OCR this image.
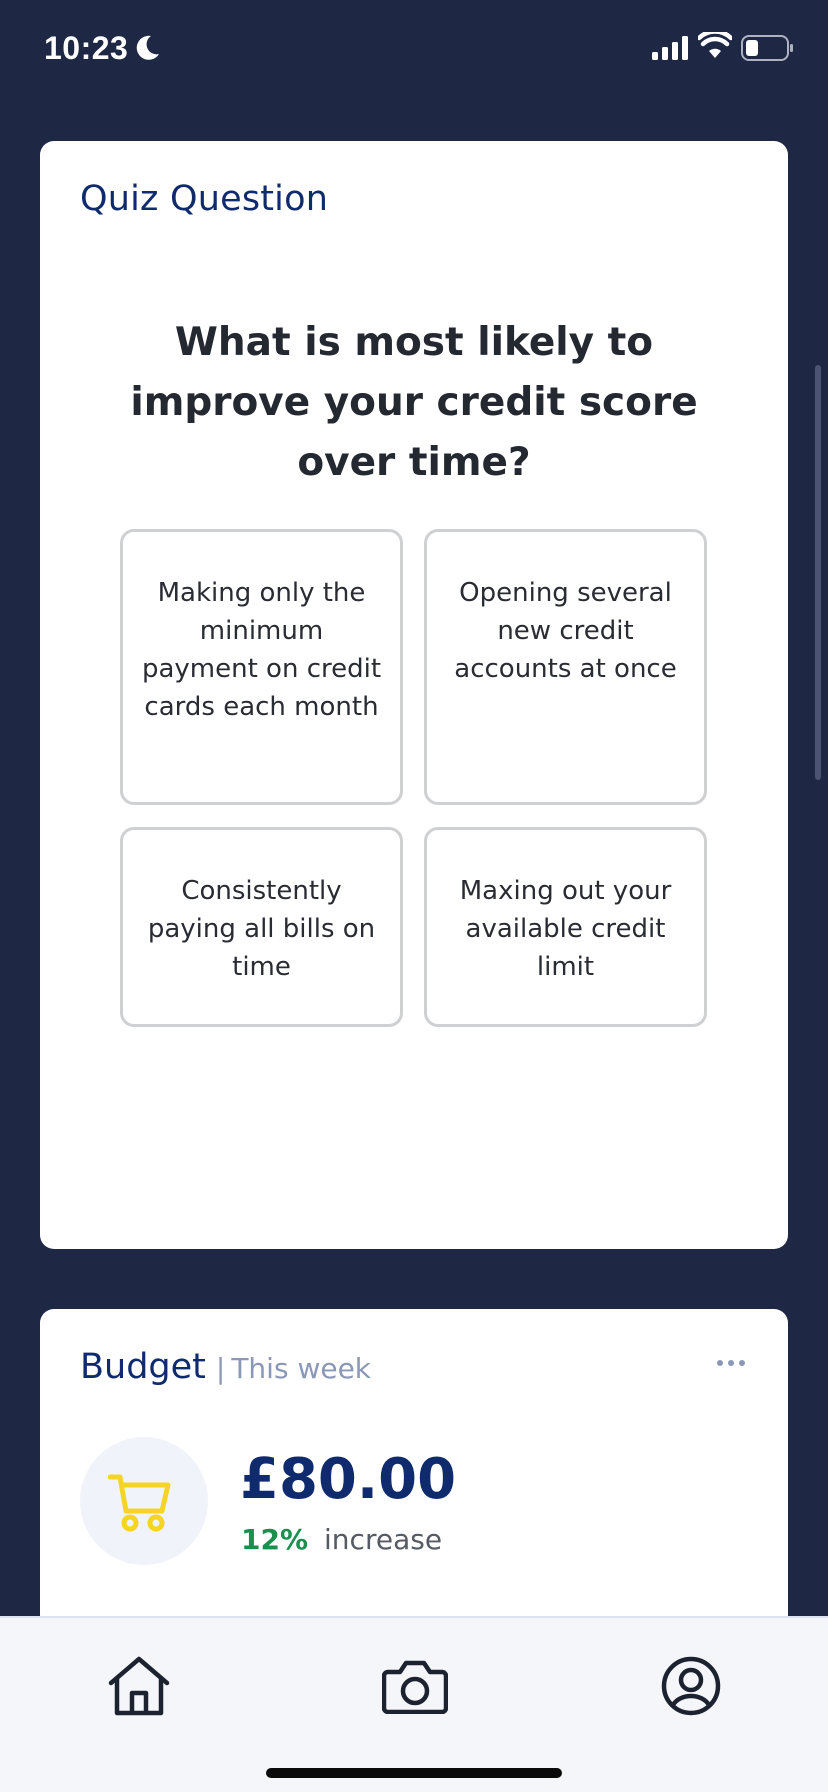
10:23
Quiz Question
What is most likely to improve your credit score over time?
Making only the minimum payment on credit cards each month
Opening several new credit accounts at once
Consistently paying all bills on time
Maxing out your available credit limit
Budget | This week
£80.00
12% increase
